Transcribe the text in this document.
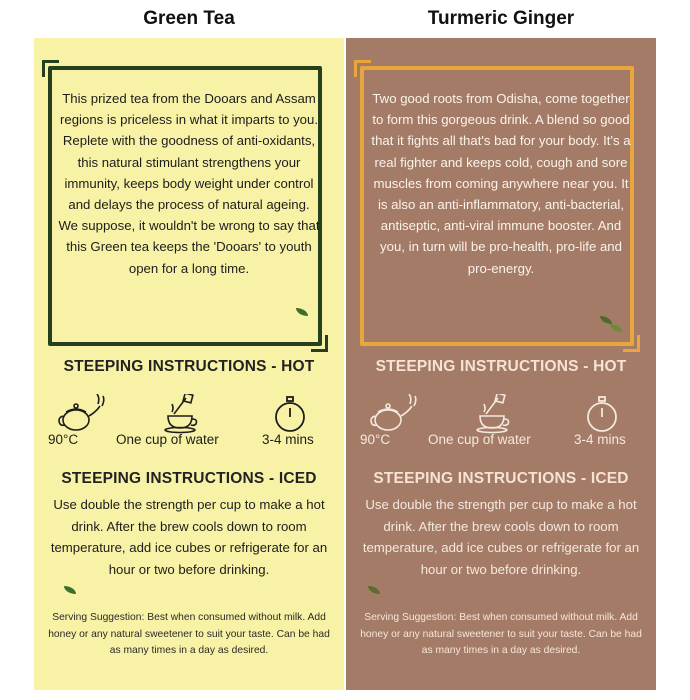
Green Tea	Turmeric Ginger

This prized tea from the Dooars and Assam regions is priceless in what it imparts to you. Replete with the goodness of anti-oxidants, this natural stimulant strengthens your immunity, keeps body weight under control and delays the process of natural ageing. We suppose, it wouldn't be wrong to say that this Green tea keeps the 'Dooars' to youth open for a long time.

STEEPING INSTRUCTIONS - HOT
90°C	One cup of water	3-4 mins
STEEPING INSTRUCTIONS - ICED

Use double the strength per cup to make a hot drink. After the brew cools down to room temperature, add ice cubes or refrigerate for an hour or two before drinking.

Serving Suggestion: Best when consumed without milk. Add honey or any natural sweetener to suit your taste. Can be had as many times in a day as desired.

Two good roots from Odisha, come together to form this gorgeous drink. A blend so good that it fights all that's bad for your body. It's a real fighter and keeps cold, cough and sore muscles from coming anywhere near you. It is also an anti-inflammatory, anti-bacterial, antiseptic, anti-viral immune booster. And you, in turn will be pro-health, pro-life and pro-energy.

STEEPING INSTRUCTIONS - HOT
90°C	One cup of water	3-4 mins
STEEPING INSTRUCTIONS - ICED

Use double the strength per cup to make a hot drink. After the brew cools down to room temperature, add ice cubes or refrigerate for an hour or two before drinking.

Serving Suggestion: Best when consumed without milk. Add honey or any natural sweetener to suit your taste. Can be had as many times in a day as desired.
